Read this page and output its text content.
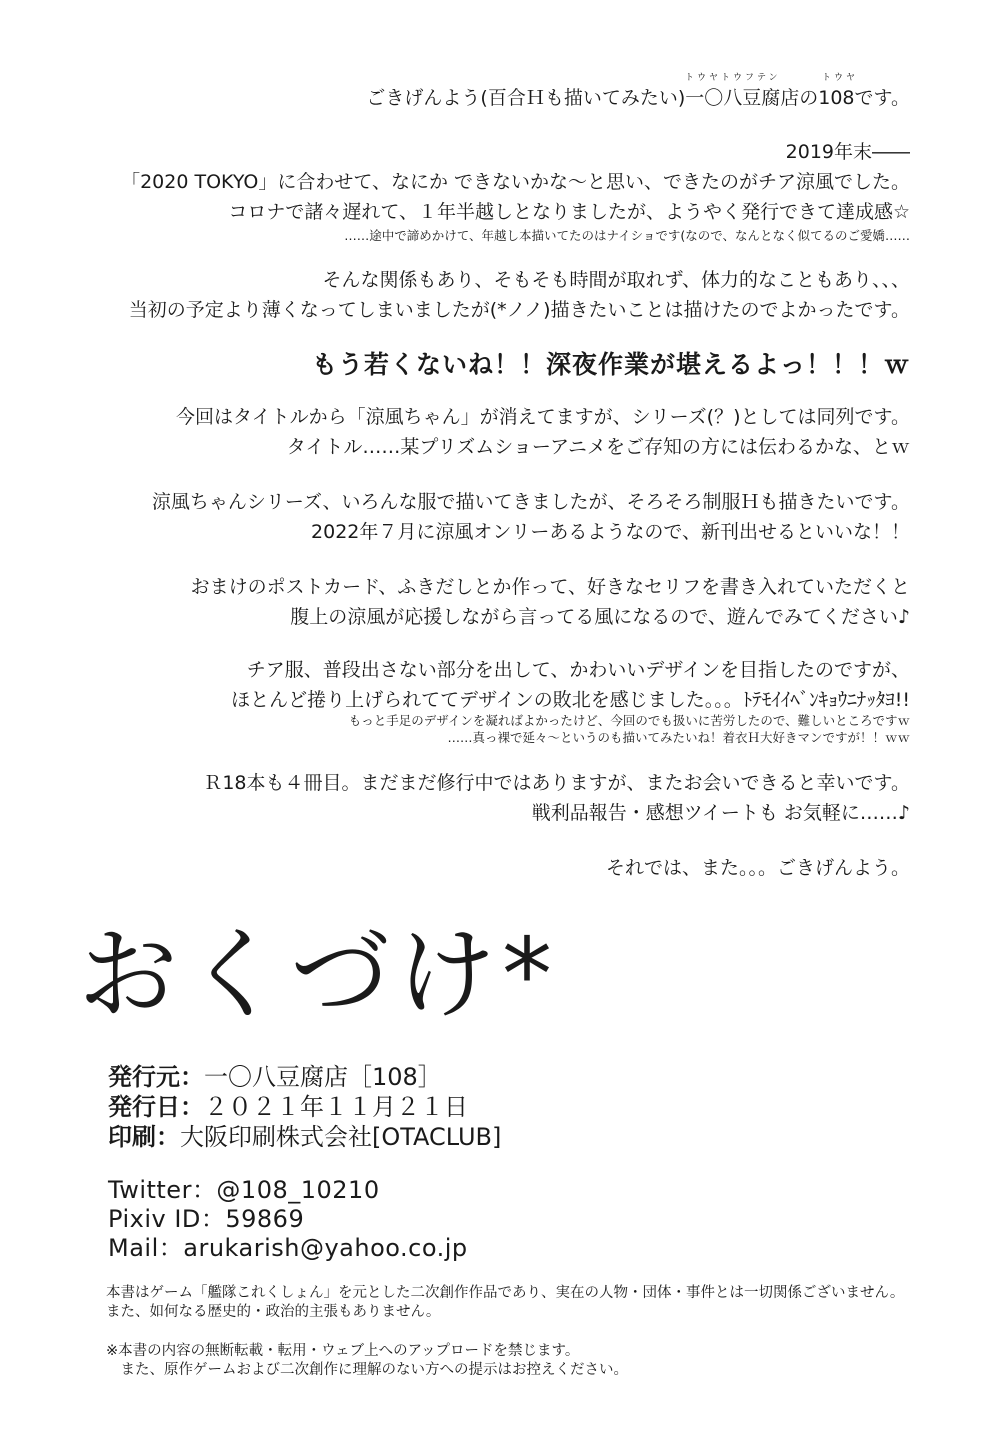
トウヤトウフテン	トウヤ
ごきげんよう(百合Ｈも描いてみたい)一〇八豆腐店の108です。
2019年末――
「2020 TOKYO」に合わせて、なにか できないかな〜と思い、できたのがチア涼風でした。
コロナで諸々遅れて、１年半越しとなりましたが、ようやく発行できて達成感☆
……途中で諦めかけて、年越し本描いてたのはナイショです(なので、なんとなく似てるのご愛嬌……
そんな関係もあり、そもそも時間が取れず、体力的なこともあり、、、
当初の予定より薄くなってしまいましたが(*ノノ)描きたいことは描けたのでよかったです。
もう若くないね！！深夜作業が堪えるよっ！！！ｗ
今回はタイトルから「涼風ちゃん」が消えてますが、シリーズ(？)としては同列です。
タイトル……某プリズムショーアニメをご存知の方には伝わるかな、とｗ
涼風ちゃんシリーズ、いろんな服で描いてきましたが、そろそろ制服Ｈも描きたいです。
2022年７月に涼風オンリーあるようなので、新刊出せるといいな！！
おまけのポストカード、ふきだしとか作って、好きなセリフを書き入れていただくと
腹上の涼風が応援しながら言ってる風になるので、遊んでみてください♪
チア服、普段出さない部分を出して、かわいいデザインを目指したのですが、
ほとんど捲り上げられててデザインの敗北を感じました。。。ﾄﾃﾓｲｲﾍﾞﾝｷｮｳﾆﾅｯﾀﾖ!!
もっと手足のデザインを凝ればよかったけど、今回のでも扱いに苦労したので、難しいところですｗ
……真っ裸で延々〜というのも描いてみたいね！着衣Ｈ大好きマンですが！！ｗｗ
Ｒ18本も４冊目。まだまだ修行中ではありますが、またお会いできると幸いです。
戦利品報告・感想ツイートも お気軽に……♪
それでは、また。。。ごきげんよう。
おくづけ*
発行元：一〇八豆腐店［108］
発行日：２０２１年１１月２１日
印刷：大阪印刷株式会社[OTACLUB]
Twitter：@108_10210
Pixiv ID：59869
Mail：arukarish@yahoo.co.jp
本書はゲーム「艦隊これくしょん」を元とした二次創作作品であり、実在の人物・団体・事件とは一切関係ございません。
また、如何なる歴史的・政治的主張もありません。
※本書の内容の無断転載・転用・ウェブ上へのアップロードを禁じます。
　また、原作ゲームおよび二次創作に理解のない方への提示はお控えください。
